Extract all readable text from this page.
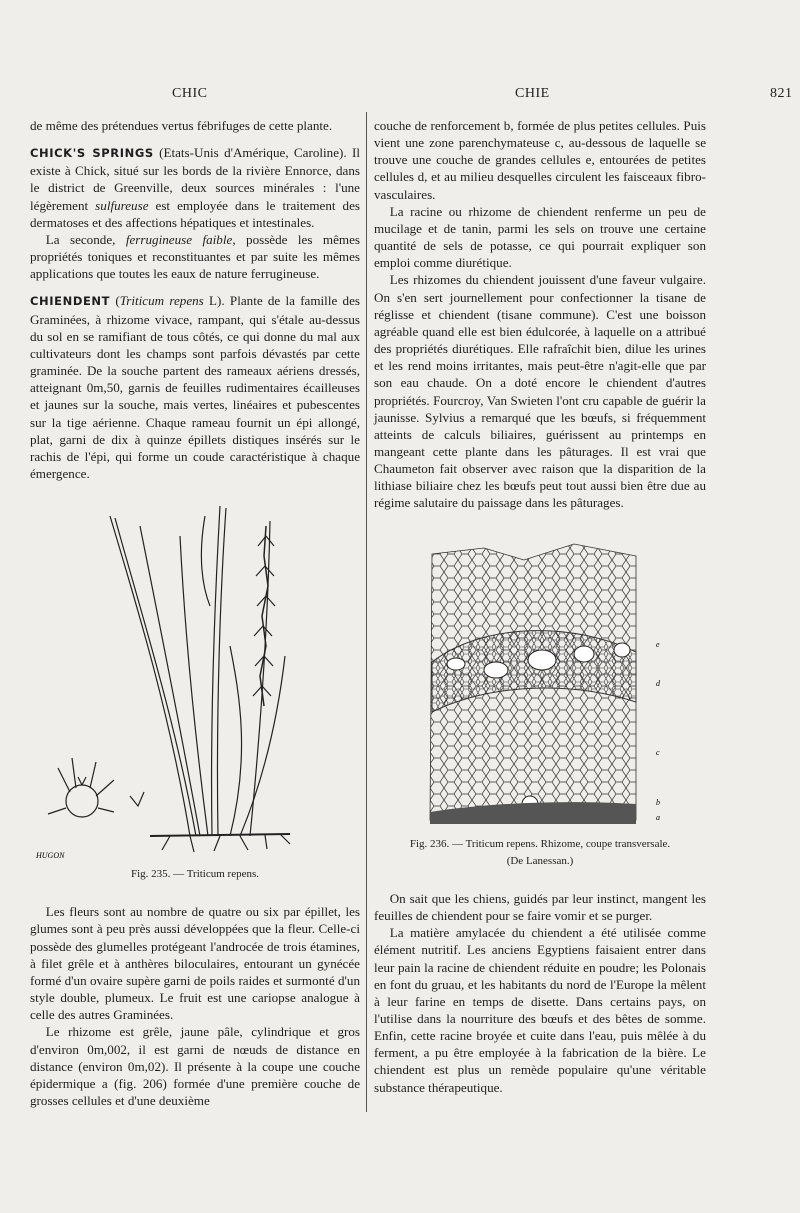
CHIC	CHIE	821

de même des prétendues vertus fébrifuges de cette plante.

CHICK'S SPRINGS (Etats-Unis d'Amérique, Caroline). Il existe à Chick, situé sur les bords de la rivière Ennorce, dans le district de Greenville, deux sources minérales : l'une légèrement sulfureuse est employée dans le traitement des dermatoses et des affections hépatiques et intestinales.

La seconde, ferrugineuse faible, possède les mêmes propriétés toniques et reconstituantes et par suite les mêmes applications que toutes les eaux de nature ferrugineuse.

CHIENDENT (Triticum repens L). Plante de la famille des Graminées, à rhizome vivace, rampant, qui s'étale au-dessus du sol en se ramifiant de tous côtés, ce qui donne du mal aux cultivateurs dont les champs sont parfois dévastés par cette graminée. De la souche partent des rameaux aériens dressés, atteignant 0m,50, garnis de feuilles rudimentaires écailleuses et jaunes sur la souche, mais vertes, linéaires et pubescentes sur la tige aérienne. Chaque rameau fournit un épi allongé, plat, garni de dix à quinze épillets distiques insérés sur le rachis de l'épi, qui forme un coude caractéristique à chaque émergence.

HUGON
Fig. 235. — Triticum repens.

Les fleurs sont au nombre de quatre ou six par épillet, les glumes sont à peu près aussi développées que la fleur. Celle-ci possède des glumelles protégeant l'androcée de trois étamines, à filet grêle et à anthères biloculaires, entourant un gynécée formé d'un ovaire supère garni de poils raides et surmonté d'un style double, plumeux. Le fruit est une cariopse analogue à celle des autres Graminées.

Le rhizome est grêle, jaune pâle, cylindrique et gros d'environ 0m,002, il est garni de nœuds de distance en distance (environ 0m,02). Il présente à la coupe une couche épidermique a (fig. 206) formée d'une première couche de grosses cellules et d'une deuxième

couche de renforcement b, formée de plus petites cellules. Puis vient une zone parenchymateuse c, au-dessous de laquelle se trouve une couche de grandes cellules e, entourées de petites cellules d, et au milieu desquelles circulent les faisceaux fibro-vasculaires.

La racine ou rhizome de chiendent renferme un peu de mucilage et de tanin, parmi les sels on trouve une certaine quantité de sels de potasse, ce qui pourrait expliquer son emploi comme diurétique.

Les rhizomes du chiendent jouissent d'une faveur vulgaire. On s'en sert journellement pour confectionner la tisane de réglisse et chiendent (tisane commune). C'est une boisson agréable quand elle est bien édulcorée, à laquelle on a attribué des propriétés diurétiques. Elle rafraîchit bien, dilue les urines et les rend moins irritantes, mais peut-être n'agit-elle que par son eau chaude. On a doté encore le chiendent d'autres propriétés. Fourcroy, Van Swieten l'ont cru capable de guérir la jaunisse. Sylvius a remarqué que les bœufs, si fréquemment atteints de calculs biliaires, guérissent au printemps en mangeant cette plante dans les pâturages. Il est vrai que Chaumeton fait observer avec raison que la disparition de la lithiase biliaire chez les bœufs peut tout aussi bien être due au régime salutaire du paissage dans les pâturages.

e
d
c
b
a
Fig. 236. — Triticum repens. Rhizome, coupe transversale.
(De Lanessan.)

On sait que les chiens, guidés par leur instinct, mangent les feuilles de chiendent pour se faire vomir et se purger.

La matière amylacée du chiendent a été utilisée comme élément nutritif. Les anciens Egyptiens faisaient entrer dans leur pain la racine de chiendent réduite en poudre; les Polonais en font du gruau, et les habitants du nord de l'Europe la mêlent à leur farine en temps de disette. Dans certains pays, on l'utilise dans la nourriture des bœufs et des bêtes de somme. Enfin, cette racine broyée et cuite dans l'eau, puis mêlée à du ferment, a pu être employée à la fabrication de la bière. Le chiendent est plus un remède populaire qu'une véritable substance thérapeutique.
